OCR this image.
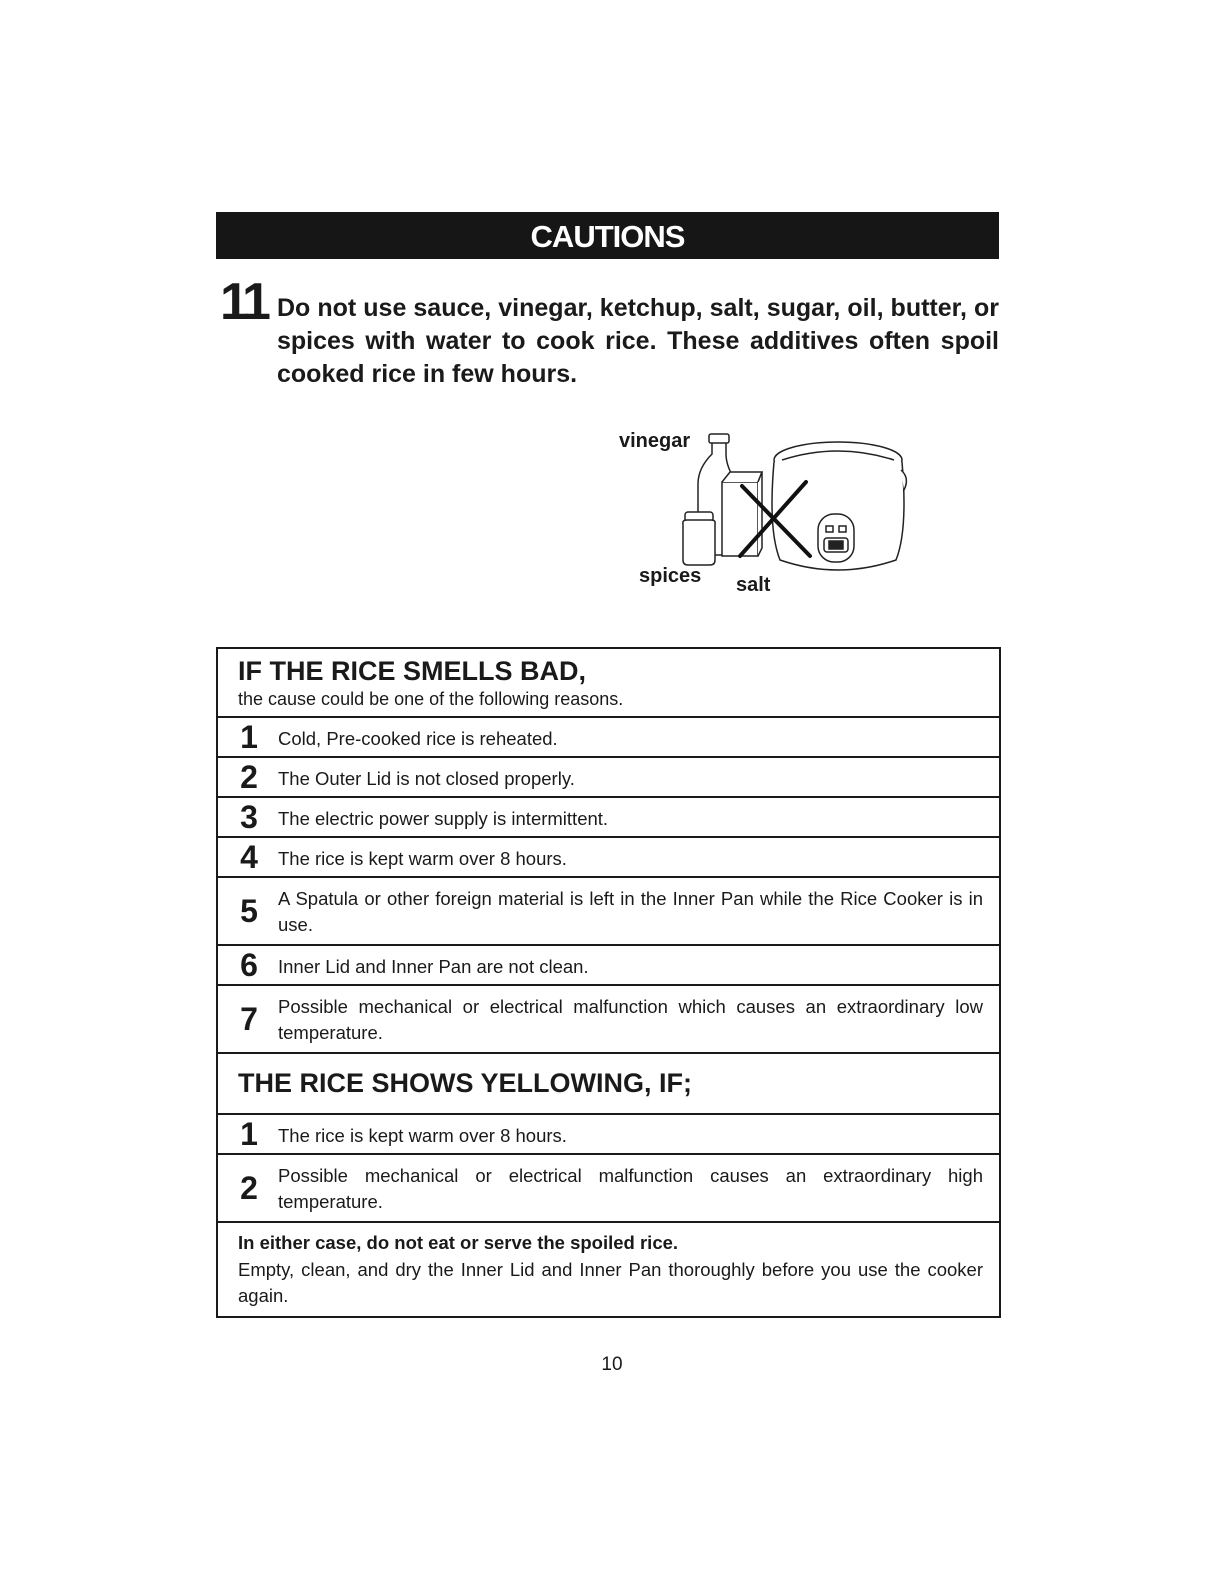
CAUTIONS
11 Do not use sauce, vinegar, ketchup, salt, sugar, oil, butter, or spices with water to cook rice. These additives often spoil cooked rice in few hours.
vinegar
spices salt
IF THE RICE SMELLS BAD,
the cause could be one of the following reasons.
1 Cold, Pre-cooked rice is reheated.
2 The Outer Lid is not closed properly.
3 The electric power supply is intermittent.
4 The rice is kept warm over 8 hours.
5 A Spatula or other foreign material is left in the Inner Pan while the Rice Cooker is in use.
6 Inner Lid and Inner Pan are not clean.
7 Possible mechanical or electrical malfunction which causes an extraordinary low temperature.
THE RICE SHOWS YELLOWING, IF;
1 The rice is kept warm over 8 hours.
2 Possible mechanical or electrical malfunction causes an extraordinary high temperature.
In either case, do not eat or serve the spoiled rice.
Empty, clean, and dry the Inner Lid and Inner Pan thoroughly before you use the cooker again.
10
